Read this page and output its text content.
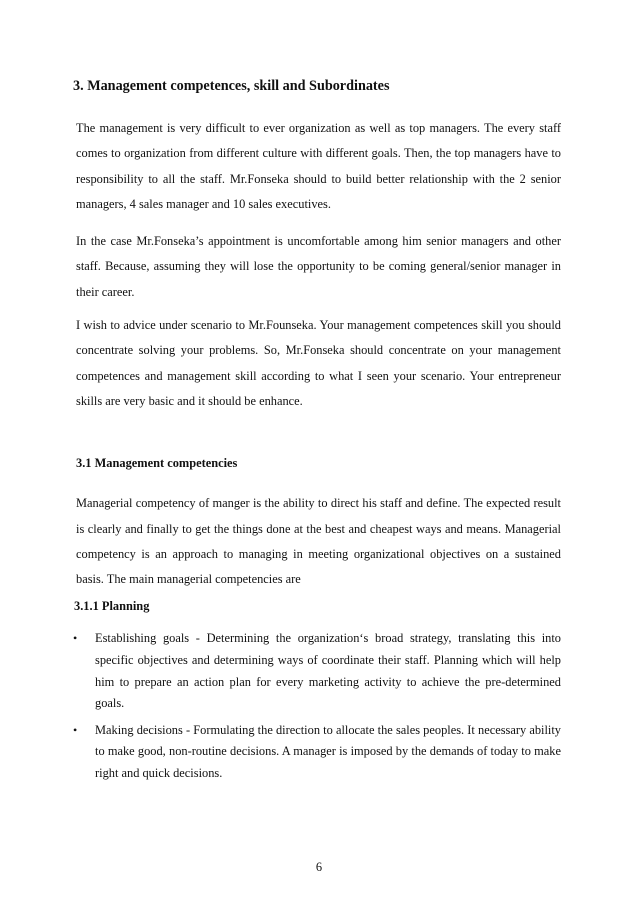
3. Management competences, skill and Subordinates

The management is very difficult to ever organization as well as top managers. The every staff comes to organization from different culture with different goals. Then, the top managers have to responsibility to all the staff. Mr.Fonseka should to build better relationship with the 2 senior managers, 4 sales manager and 10 sales executives.

In the case Mr.Fonseka’s appointment is uncomfortable among him senior managers and other staff. Because, assuming they will lose the opportunity to be coming general/senior manager in their career.

I wish to advice under scenario to Mr.Founseka. Your management competences skill you should concentrate solving your problems. So, Mr.Fonseka should concentrate on your management competences and management skill according to what I seen your scenario. Your entrepreneur skills are very basic and it should be enhance.

3.1 Management competencies

Managerial competency of manger is the ability to direct his staff and define. The expected result is clearly and finally to get the things done at the best and cheapest ways and means. Managerial competency is an approach to managing in meeting organizational objectives on a sustained basis. The main managerial competencies are

3.1.1 Planning
• Establishing goals - Determining the organization‘s broad strategy, translating this into specific objectives and determining ways of coordinate their staff. Planning which will help him to prepare an action plan for every marketing activity to achieve the pre-determined goals.
• Making decisions - Formulating the direction to allocate the sales peoples. It necessary ability to make good, non-routine decisions. A manager is imposed by the demands of today to make right and quick decisions.
6
